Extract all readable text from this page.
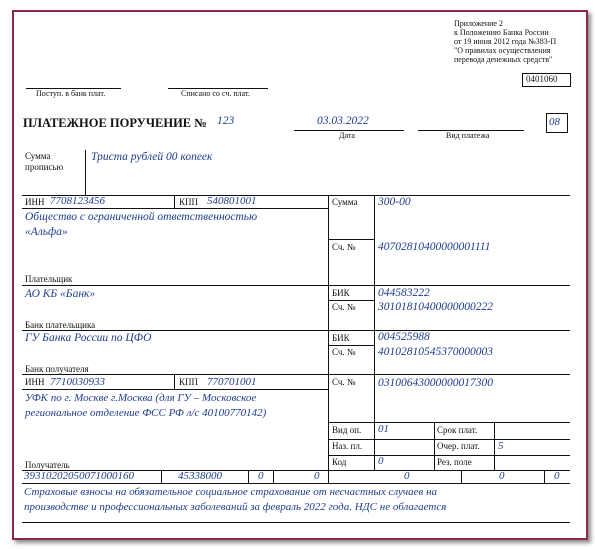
Приложение 2
к Положению Банка России
от 19 июня 2012 года №383-П
"О правилах осуществления
перевода денежных средств"
0401060
Поступ. в банк плат.	Списано со сч. плат.
ПЛАТЕЖНОЕ ПОРУЧЕНИЕ № 123	03.03.2022
Дата	Вид платежа
08
Сумма
прописью
Триста рублей 00 копеек
ИНН 7708123456	КПП 540801001
Общество с ограниченной ответственностью
«Альфа»
Плательщик
Сумма 300-00
Сч. № 40702810400000001111
АО КБ «Банк»
Банк плательщика
БИК 044583222
Сч. № 30101810400000000222
ГУ Банка России по ЦФО
Банк получателя
БИК 004525988
Сч. № 40102810545370000003
ИНН 7710030933	КПП 770701001	Сч. № 03100643000000017300
УФК по г. Москве г.Москва (для ГУ – Московское
региональное отделение ФСС РФ л/с 40100770142)
Получатель
Вид оп. 01	Срок плат.
Наз. пл.	Очер. плат. 5
Код	0	Рез. поле
39310202050071000160	45338000	0	0	0	0	0
Страховые взносы на обязательное социальное страхование от несчастных случаев на
производстве и профессиональных заболеваний за февраль 2022 года. НДС не облагается
